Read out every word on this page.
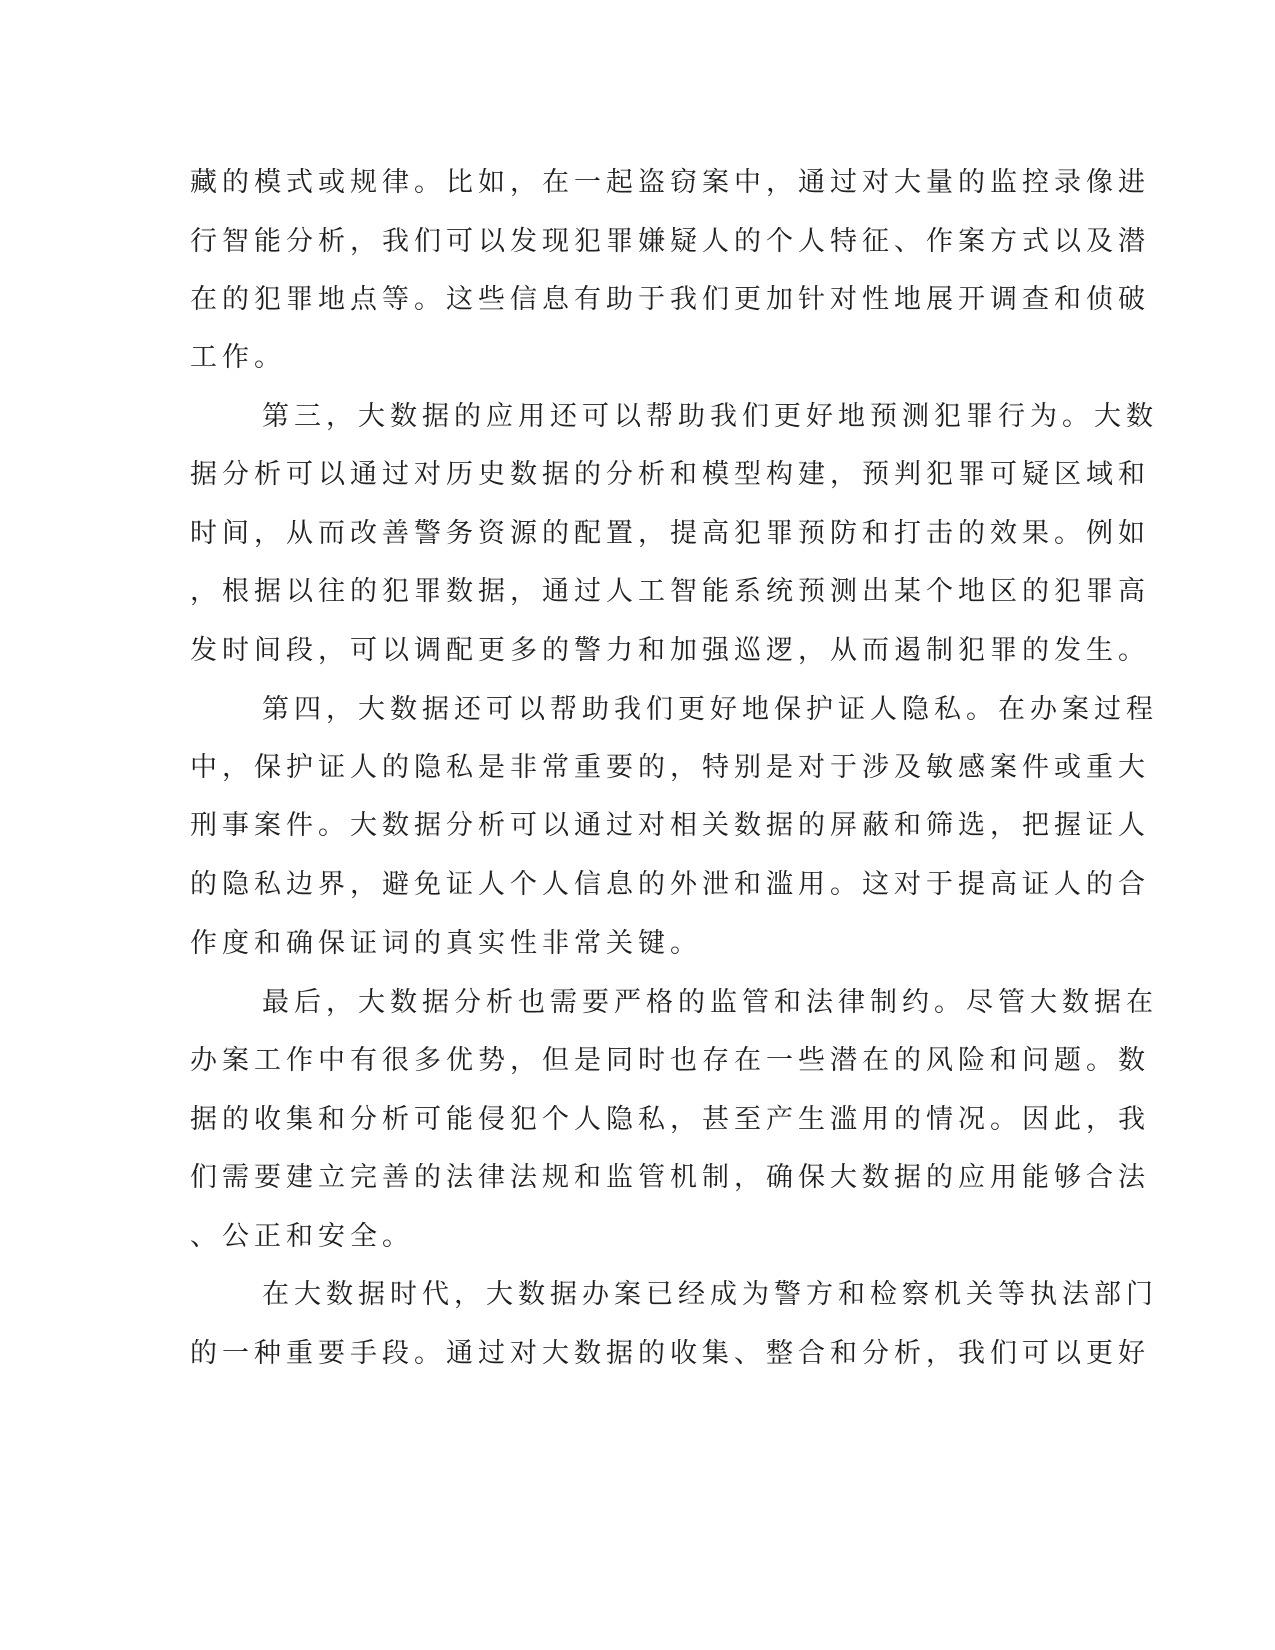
藏的模式或规律。比如，在一起盗窃案中，通过对大量的监控录像进
行智能分析，我们可以发现犯罪嫌疑人的个人特征、作案方式以及潜
在的犯罪地点等。这些信息有助于我们更加针对性地展开调查和侦破
工作。
第三，大数据的应用还可以帮助我们更好地预测犯罪行为。大数
据分析可以通过对历史数据的分析和模型构建，预判犯罪可疑区域和
时间，从而改善警务资源的配置，提高犯罪预防和打击的效果。例如
，根据以往的犯罪数据，通过人工智能系统预测出某个地区的犯罪高
发时间段，可以调配更多的警力和加强巡逻，从而遏制犯罪的发生。
第四，大数据还可以帮助我们更好地保护证人隐私。在办案过程
中，保护证人的隐私是非常重要的，特别是对于涉及敏感案件或重大
刑事案件。大数据分析可以通过对相关数据的屏蔽和筛选，把握证人
的隐私边界，避免证人个人信息的外泄和滥用。这对于提高证人的合
作度和确保证词的真实性非常关键。
最后，大数据分析也需要严格的监管和法律制约。尽管大数据在
办案工作中有很多优势，但是同时也存在一些潜在的风险和问题。数
据的收集和分析可能侵犯个人隐私，甚至产生滥用的情况。因此，我
们需要建立完善的法律法规和监管机制，确保大数据的应用能够合法
、公正和安全。
在大数据时代，大数据办案已经成为警方和检察机关等执法部门
的一种重要手段。通过对大数据的收集、整合和分析，我们可以更好
